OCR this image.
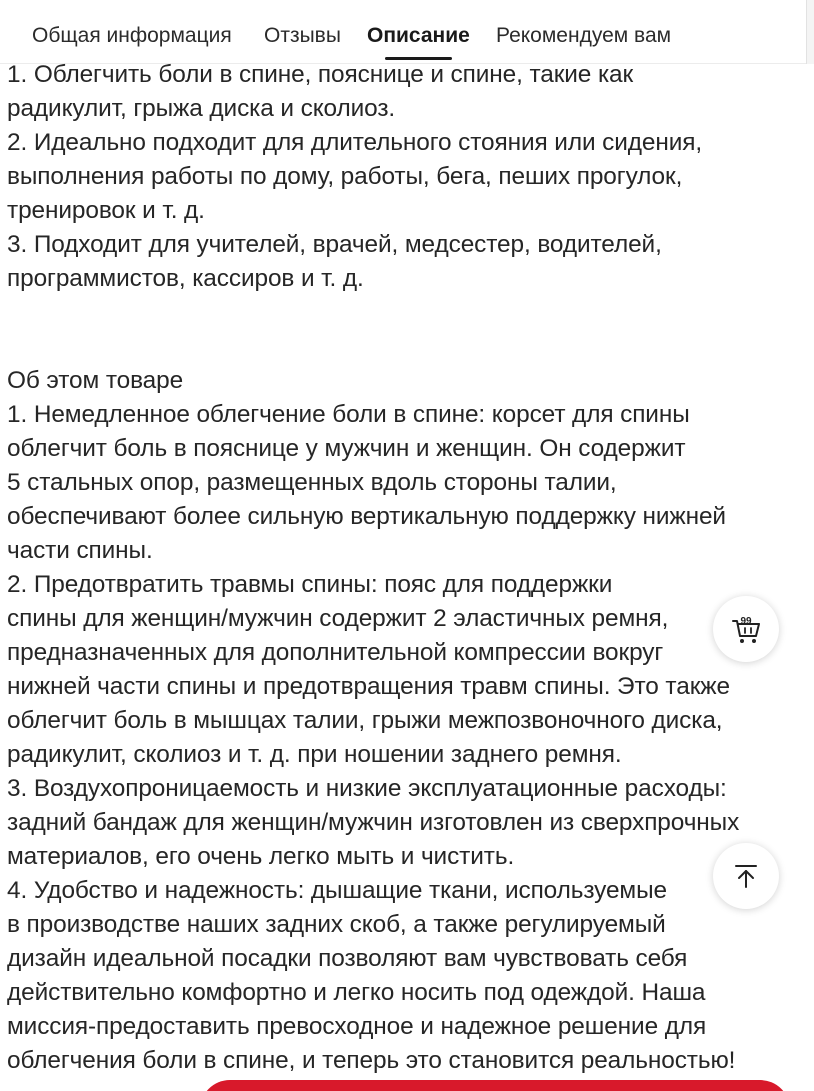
Общая информация Отзывы Описание Рекомендуем вам
1. Облегчить боли в спине, пояснице и спине, такие как
радикулит, грыжа диска и сколиоз.
2. Идеально подходит для длительного стояния или сидения,
выполнения работы по дому, работы, бега, пеших прогулок,
тренировок и т. д.
3. Подходит для учителей, врачей, медсестер, водителей,
программистов, кассиров и т. д.
Об этом товаре
1. Немедленное облегчение боли в спине: корсет для спины
облегчит боль в пояснице у мужчин и женщин. Он содержит
5 стальных опор, размещенных вдоль стороны талии,
обеспечивают более сильную вертикальную поддержку нижней
части спины.
2. Предотвратить травмы спины: пояс для поддержки
спины для женщин/мужчин содержит 2 эластичных ремня,
предназначенных для дополнительной компрессии вокруг
нижней части спины и предотвращения травм спины. Это также
облегчит боль в мышцах талии, грыжи межпозвоночного диска,
радикулит, сколиоз и т. д. при ношении заднего ремня.
3. Воздухопроницаемость и низкие эксплуатационные расходы:
задний бандаж для женщин/мужчин изготовлен из сверхпрочных
материалов, его очень легко мыть и чистить.
4. Удобство и надежность: дышащие ткани, используемые
в производстве наших задних скоб, а также регулируемый
дизайн идеальной посадки позволяют вам чувствовать себя
действительно комфортно и легко носить под одеждой. Наша
миссия-предоставить превосходное и надежное решение для
облегчения боли в спине, и теперь это становится реальностью!
99
